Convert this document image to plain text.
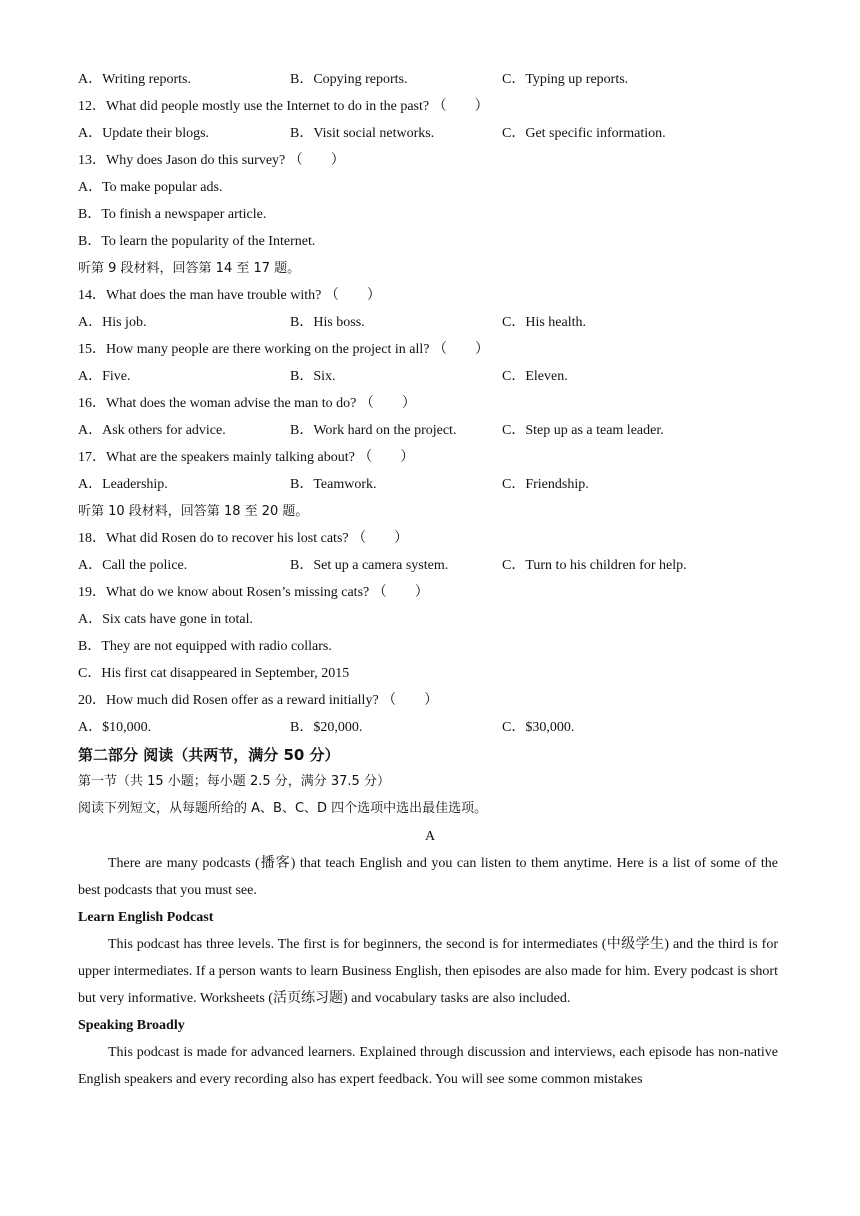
A．Writing reports.	B．Copying reports.	C．Typing up reports.
12．What did people mostly use the Internet to do in the past? （　　）
A．Update their blogs.	B．Visit social networks.	C．Get specific information.
13．Why does Jason do this survey? （　　）
A．To make popular ads.
B．To finish a newspaper article.
B．To learn the popularity of the Internet.
听第 9 段材料，回答第 14 至 17 题。
14．What does the man have trouble with? （　　）
A．His job.	B．His boss.	C．His health.
15．How many people are there working on the project in all? （　　）
A．Five.	B．Six.	C．Eleven.
16．What does the woman advise the man to do? （　　）
A．Ask others for advice.	B．Work hard on the project.	C．Step up as a team leader.
17．What are the speakers mainly talking about? （　　）
A．Leadership.	B．Teamwork.	C．Friendship.
听第 10 段材料，回答第 18 至 20 题。
18．What did Rosen do to recover his lost cats? （　　）
A．Call the police.	B．Set up a camera system.	C．Turn to his children for help.
19．What do we know about Rosen’s missing cats? （　　）
A．Six cats have gone in total.
B．They are not equipped with radio collars.
C．His first cat disappeared in September, 2015
20．How much did Rosen offer as a reward initially? （　　）
A．$10,000.	B．$20,000.	C．$30,000.
第二部分 阅读（共两节，满分 50 分）
第一节（共 15 小题；每小题 2.5 分，满分 37.5 分）
阅读下列短文，从每题所给的 A、B、C、D 四个选项中选出最佳选项。
A
There are many podcasts (播客) that teach English and you can listen to them anytime. Here is a list of some of the best podcasts that you must see.
Learn English Podcast
This podcast has three levels. The first is for beginners, the second is for intermediates (中级学生) and the third is for upper intermediates. If a person wants to learn Business English, then episodes are also made for him. Every podcast is short but very informative. Worksheets (活页练习题) and vocabulary tasks are also included.
Speaking Broadly
This podcast is made for advanced learners. Explained through discussion and interviews, each episode has non-native English speakers and every recording also has expert feedback. You will see some common mistakes
